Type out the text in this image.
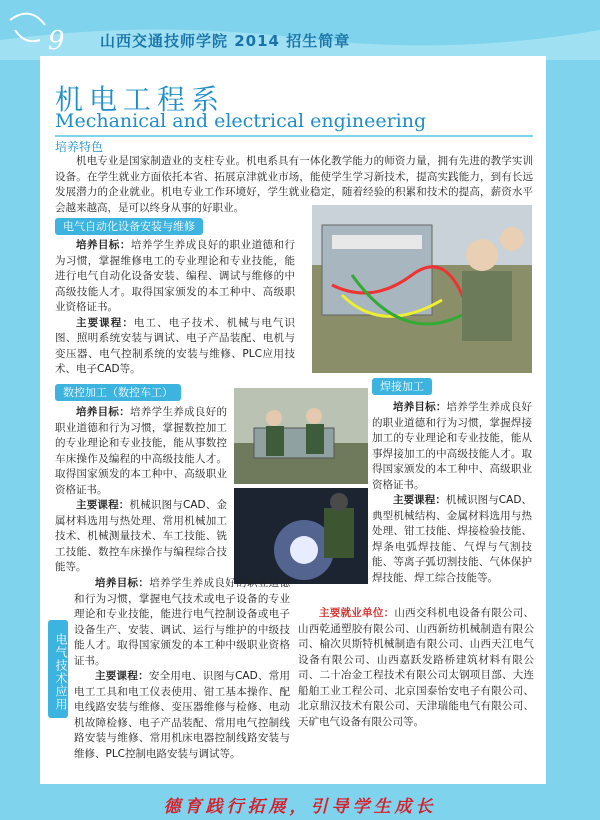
9 山西交通技师学院 2014 招生简章
机电工程系
Mechanical and electrical engineering
培养特色
机电专业是国家制造业的支柱专业。机电系具有一体化教学能力的师资力量，拥有先进的教学实训设备。在学生就业方面依托本省、拓展京津就业市场，能使学生学习新技术，提高实践能力，到有长远发展潜力的企业就业。机电专业工作环境好，学生就业稳定，随着经验的积累和技术的提高，薪资水平会越来越高，是可以终身从事的好职业。
电气自动化设备安装与维修
培养目标：培养学生养成良好的职业道德和行为习惯，掌握维修电工的专业理论和专业技能，能进行电气自动化设备安装、编程、调试与维修的中高级技能人才。取得国家颁发的本工种中、高级职业资格证书。
主要课程：电工、电子技术、机械与电气识图、照明系统安装与调试、电子产品装配、电机与变压器、电气控制系统的安装与维修、PLC应用技术、电子CAD等。
数控加工（数控车工）
培养目标：培养学生养成良好的职业道德和行为习惯，掌握数控加工的专业理论和专业技能，能从事数控车床操作及编程的中高级技能人才。取得国家颁发的本工种中、高级职业资格证书。
主要课程：机械识图与CAD、金属材料选用与热处理、常用机械加工技术、机械测量技术、车工技能、铣工技能、数控车床操作与编程综合技能等。
焊接加工
培养目标：培养学生养成良好的职业道德和行为习惯，掌握焊接加工的专业理论和专业技能，能从事焊接加工的中高级技能人才。取得国家颁发的本工种中、高级职业资格证书。
主要课程：机械识图与CAD、典型机械结构、金属材料选用与热处理、钳工技能、焊接检验技能、焊条电弧焊技能、气焊与气割技能、等离子弧切割技能、气体保护焊技能、焊工综合技能等。
电气技术应用
培养目标：培养学生养成良好的职业道德和行为习惯，掌握电气技术或电子设备的专业理论和专业技能，能进行电气控制设备或电子设备生产、安装、调试、运行与维护的中级技能人才。取得国家颁发的本工种中级职业资格证书。
主要课程：安全用电、识图与CAD、常用电工工具和电工仪表使用、钳工基本操作、配电线路安装与维修、变压器维修与检修、电动机故障检修、电子产品装配、常用电气控制线路安装与维修、常用机床电器控制线路安装与维修、PLC控制电路安装与调试等。
主要就业单位：山西交科机电设备有限公司、山西乾通塑胶有限公司、山西新纺机械制造有限公司、榆次贝斯特机械制造有限公司、山西天江电气设备有限公司、山西嘉跃发路桥建筑材料有限公司、二十冶金工程技术有限公司太钢项目部、大连船舶工业工程公司、北京国泰怡安电子有限公司、北京鼎汉技术有限公司、天津瑞能电气有限公司、天矿电气设备有限公司等。
德育践行拓展，引导学生成长
